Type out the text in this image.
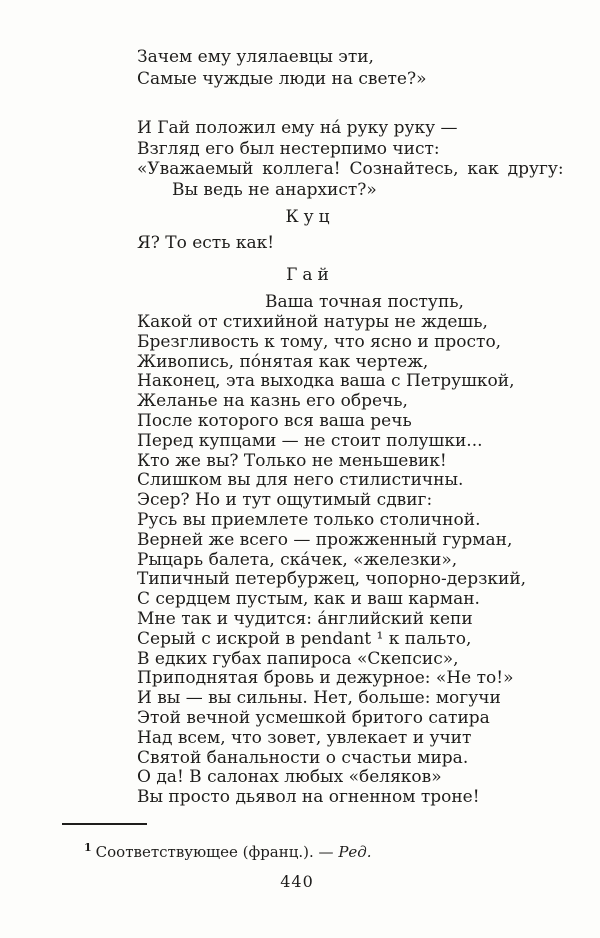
Зачем ему улялаевцы эти,
Самые чуждые люди на свете?»
И Гай положил ему на́ руку руку —
Взгляд его был нестерпимо чист:
«Уважаемый коллега! Сознайтесь, как другу:
Вы ведь не анархист?»
Куц
Я? То есть как!
Гай
Ваша точная поступь,
Какой от стихийной натуры не ждешь,
Брезгливость к тому, что ясно и просто,
Живопись, по́нятая как чертеж,
Наконец, эта выходка ваша с Петрушкой,
Желанье на казнь его обречь,
После которого вся ваша речь
Перед купцами — не стоит полушки...
Кто же вы? Только не меньшевик!
Слишком вы для него стилистичны.
Эсер? Но и тут ощутимый сдвиг:
Русь вы приемлете только столичной.
Верней же всего — прожженный гурман,
Рыцарь балета, ска́чек, «железки»,
Типичный петербуржец, чопорно-дерзкий,
С сердцем пустым, как и ваш карман.
Мне так и чудится: а́нглийский кепи
Серый с искрой в pendant ¹ к пальто,
В едких губах папироса «Скепсис»,
Приподнятая бровь и дежурное: «Не то!»
И вы — вы сильны. Нет, больше: могучи
Этой вечной усмешкой бритого сатира
Над всем, что зовет, увлекает и учит
Святой банальности о счастьи мира.
О да! В салонах любых «беляков»
Вы просто дьявол на огненном троне!
$^1$ Соответствующее (франц.). — Ред.
440
